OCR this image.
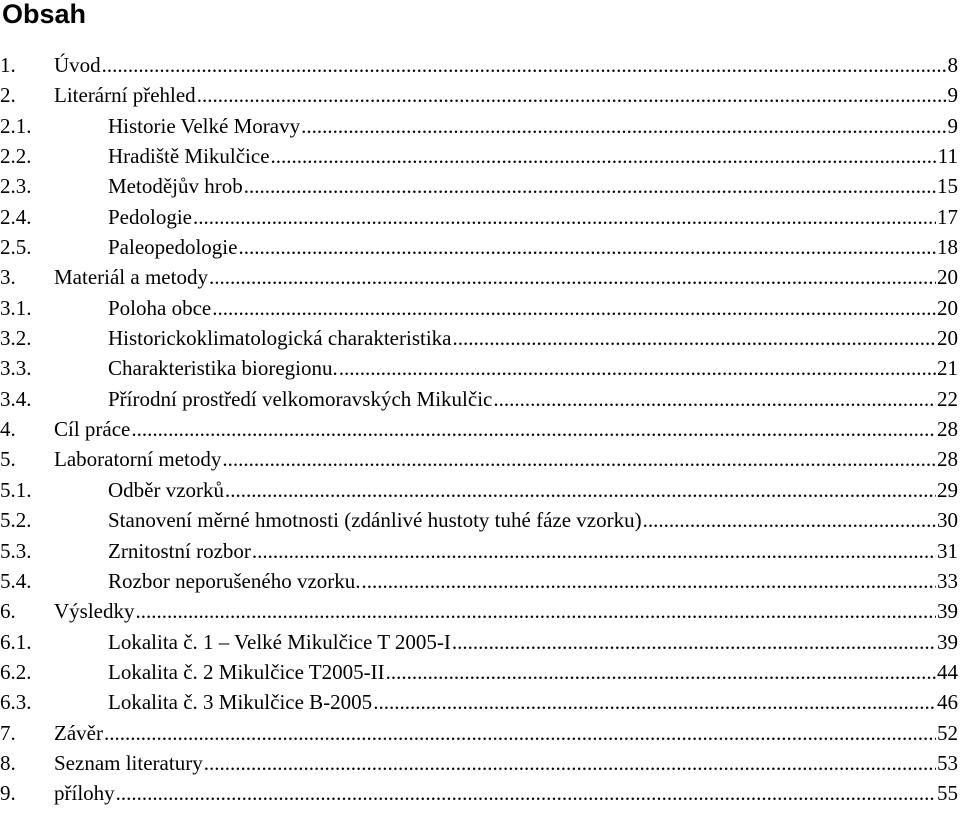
Obsah
1.	Úvod .....	8
2.	Literární přehled .....	9
2.1.	Historie Velké Moravy .....	9
2.2.	Hradiště Mikulčice .....	11
2.3.	Metodějův hrob .....	15
2.4.	Pedologie .....	17
2.5.	Paleopedologie .....	18
3.	Materiál a metody .....	20
3.1.	Poloha obce .....	20
3.2.	Historickoklimatologická charakteristika .....	20
3.3.	Charakteristika bioregionu. .....	21
3.4.	Přírodní prostředí velkomoravských Mikulčic .....	22
4.	Cíl práce .....	28
5.	Laboratorní metody .....	28
5.1.	Odběr vzorků .....	29
5.2.	Stanovení měrné hmotnosti (zdánlivé hustoty tuhé fáze vzorku) .....	30
5.3.	Zrnitostní rozbor .....	31
5.4.	Rozbor neporušeného vzorku. .....	33
6.	Výsledky .....	39
6.1.	Lokalita č. 1 – Velké Mikulčice T 2005-I .....	39
6.2.	Lokalita č. 2 Mikulčice T2005-II .....	44
6.3.	Lokalita č. 3 Mikulčice B-2005 .....	46
7.	Závěr .....	52
8.	Seznam literatury .....	53
9.	přílohy .....	55
